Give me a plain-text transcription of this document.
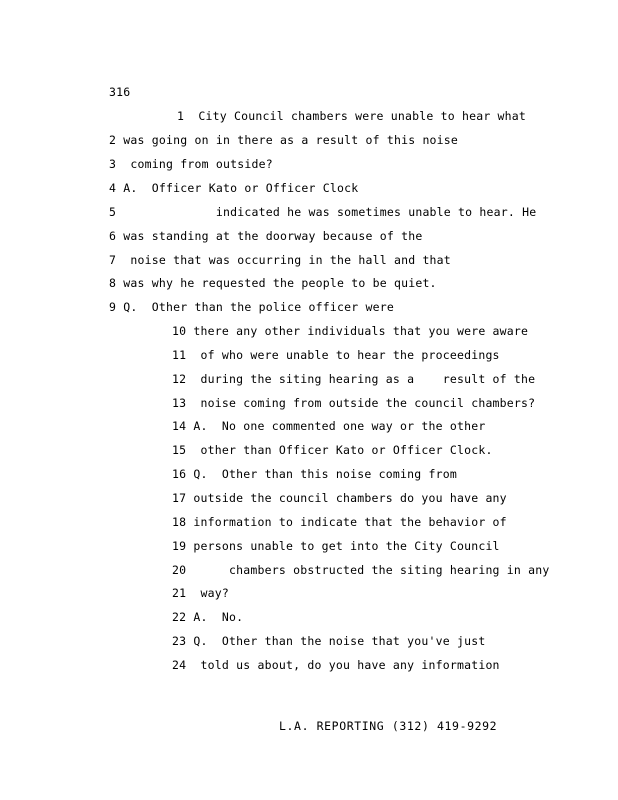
316
1  City Council chambers were unable to hear what
2 was going on in there as a result of this noise
3  coming from outside?
4 A.  Officer Kato or Officer Clock
5              indicated he was sometimes unable to hear. He
6 was standing at the doorway because of the
7  noise that was occurring in the hall and that
8 was why he requested the people to be quiet.
9 Q.  Other than the police officer were
10 there any other individuals that you were aware
11  of who were unable to hear the proceedings
12  during the siting hearing as a    result of the
13  noise coming from outside the council chambers?
14 A.  No one commented one way or the other
15  other than Officer Kato or Officer Clock.
16 Q.  Other than this noise coming from
17 outside the council chambers do you have any
18 information to indicate that the behavior of
19 persons unable to get into the City Council
20      chambers obstructed the siting hearing in any
21  way?
22 A.  No.
23 Q.  Other than the noise that you've just
24  told us about, do you have any information
L.A. REPORTING (312) 419-9292
